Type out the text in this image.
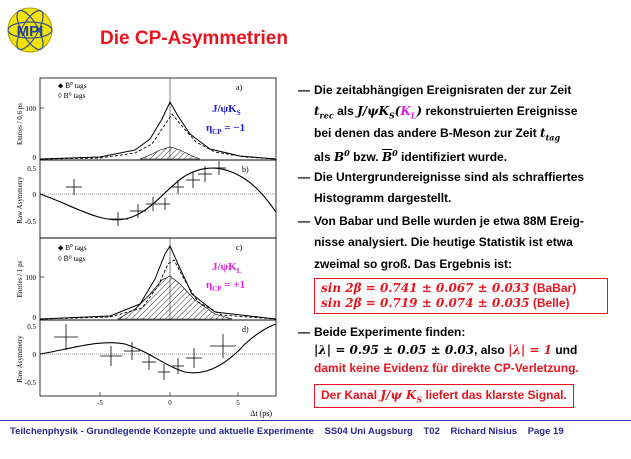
MPI	Die CP-Asymmetrien
Entries / 0.6 ps
0
100
⬥ B̄⁰ tags
◊ B⁰ tags
a)
$J/\psi K_S$
$\eta_{CP} = -1$
Raw Asymmetry
0.5
0
-0.5
b)
Entries / 1 ps
0
100
⬥ B⁰ tags
◊ B̄⁰ tags
c)
$J/\psi K_L$
$\eta_{CP} = +1$
Raw Asymmetry
0.5
0
-0.5
d)
-5	0	5
Δt (ps)
— Die zeitabhängigen Ereignisraten der zur Zeit
$t_{rec}$ als $J/\psi K_S(K_L)$ rekonstruierten Ereignisse
bei denen das andere B-Meson zur Zeit $t_{tag}$
als $B^0$ bzw. $\overline{B}^0$ identifiziert wurde.
— Die Untergrundereignisse sind als schraffiertes
Histogramm dargestellt.
— Von Babar und Belle wurden je etwa 88M Ereig-
nisse analysiert. Die heutige Statistik ist etwa
zweimal so groß. Das Ergebnis ist:
sin 2β = 0.741 ± 0.067 ± 0.033 (BaBar)
sin 2β = 0.719 ± 0.074 ± 0.035 (Belle)
— Beide Experimente finden:
|λ| = 0.95 ± 0.05 ± 0.03, also |λ| = 1 und
damit keine Evidenz für direkte CP-Verletzung.
Der Kanal J/ψ $K_S$ liefert das klarste Signal.
Teilchenphysik - Grundlegende Konzepte und aktuelle Experimente SS04 Uni Augsburg T02 Richard Nisius Page 19
